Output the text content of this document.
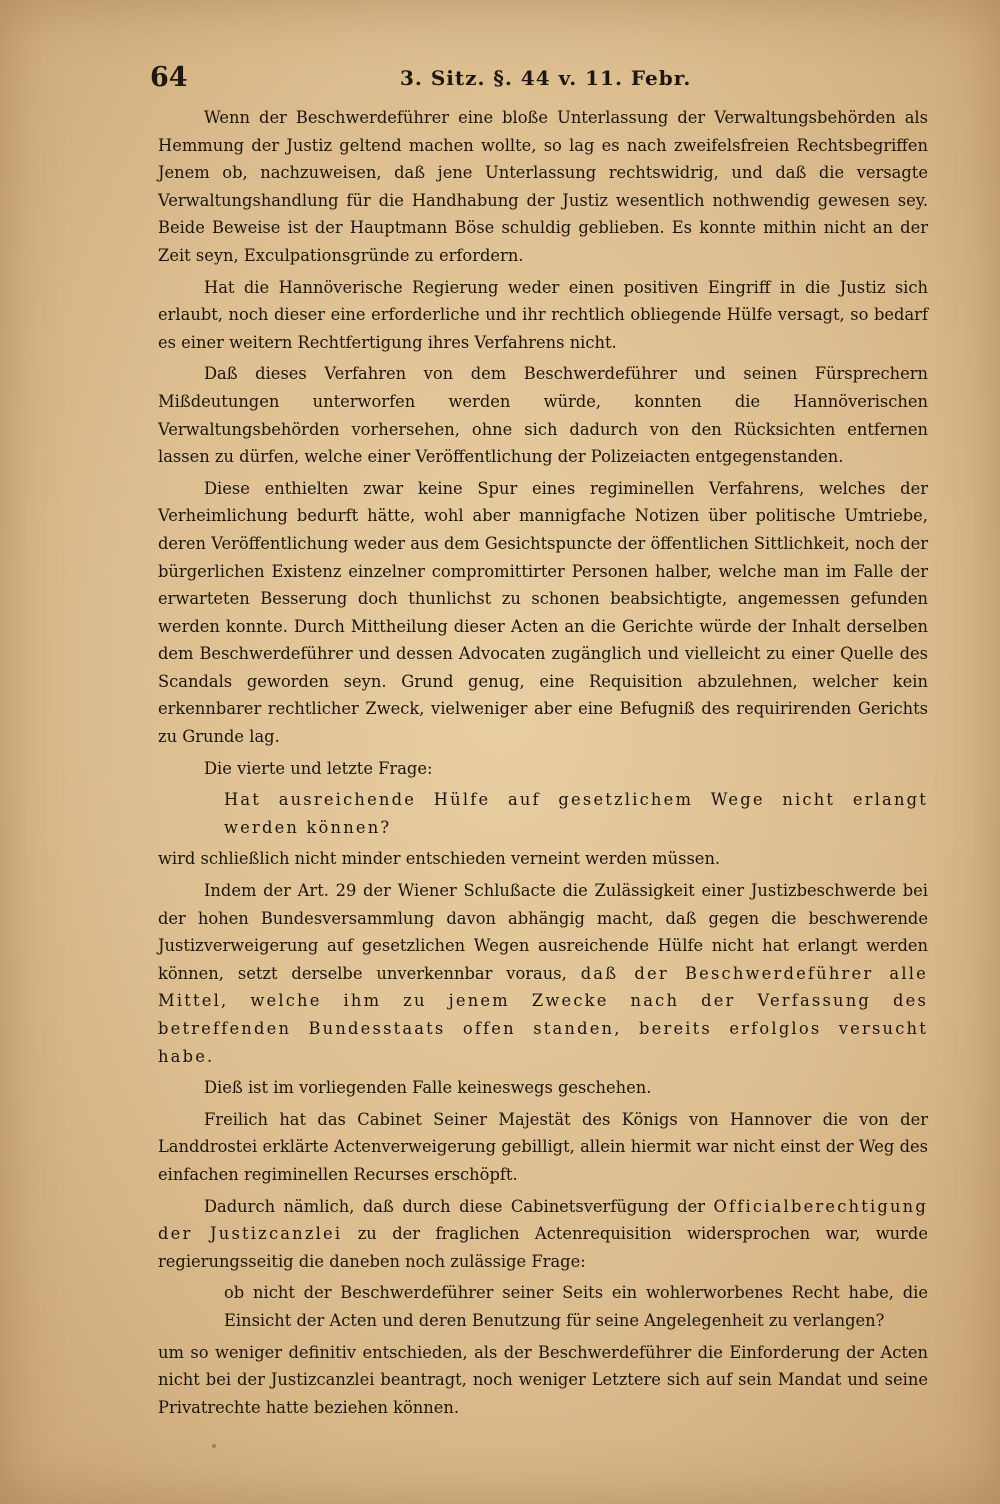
64	3. Sitz. §. 44 v. 11. Febr.

Wenn der Beschwerdeführer eine bloße Unterlassung der Verwaltungsbehörden als Hemmung der Justiz geltend machen wollte, so lag es nach zweifelsfreien Rechtsbegriffen Jenem ob, nachzuweisen, daß jene Unterlassung rechtswidrig, und daß die versagte Verwaltungshandlung für die Handhabung der Justiz wesentlich nothwendig gewesen sey. Beide Beweise ist der Hauptmann Böse schuldig geblieben. Es konnte mithin nicht an der Zeit seyn, Exculpationsgründe zu erfordern.

Hat die Hannöverische Regierung weder einen positiven Eingriff in die Justiz sich erlaubt, noch dieser eine erforderliche und ihr rechtlich obliegende Hülfe versagt, so bedarf es einer weitern Rechtfertigung ihres Verfahrens nicht.

Daß dieses Verfahren von dem Beschwerdeführer und seinen Fürsprechern Mißdeutungen unterworfen werden würde, konnten die Hannöverischen Verwaltungsbehörden vorhersehen, ohne sich dadurch von den Rücksichten entfernen lassen zu dürfen, welche einer Veröffentlichung der Polizeiacten entgegenstanden.

Diese enthielten zwar keine Spur eines regiminellen Verfahrens, welches der Verheimlichung bedurft hätte, wohl aber mannigfache Notizen über politische Umtriebe, deren Veröffentlichung weder aus dem Gesichtspuncte der öffentlichen Sittlichkeit, noch der bürgerlichen Existenz einzelner compromittirter Personen halber, welche man im Falle der erwarteten Besserung doch thunlichst zu schonen beabsichtigte, angemessen gefunden werden konnte. Durch Mittheilung dieser Acten an die Gerichte würde der Inhalt derselben dem Beschwerdeführer und dessen Advocaten zugänglich und vielleicht zu einer Quelle des Scandals geworden seyn. Grund genug, eine Requisition abzulehnen, welcher kein erkennbarer rechtlicher Zweck, vielweniger aber eine Befugniß des requirirenden Gerichts zu Grunde lag.

Die vierte und letzte Frage:

Hat ausreichende Hülfe auf gesetzlichem Wege nicht erlangt werden können?

wird schließlich nicht minder entschieden verneint werden müssen.

Indem der Art. 29 der Wiener Schlußacte die Zulässigkeit einer Justizbeschwerde bei der hohen Bundesversammlung davon abhängig macht, daß gegen die beschwerende Justizverweigerung auf gesetzlichen Wegen ausreichende Hülfe nicht hat erlangt werden können, setzt derselbe unverkennbar voraus, daß der Beschwerdeführer alle Mittel, welche ihm zu jenem Zwecke nach der Verfassung des betreffenden Bundesstaats offen standen, bereits erfolglos versucht habe.

Dieß ist im vorliegenden Falle keineswegs geschehen.

Freilich hat das Cabinet Seiner Majestät des Königs von Hannover die von der Landdrostei erklärte Actenverweigerung gebilligt, allein hiermit war nicht einst der Weg des einfachen regiminellen Recurses erschöpft.

Dadurch nämlich, daß durch diese Cabinetsverfügung der Officialberechtigung der Justizcanzlei zu der fraglichen Actenrequisition widersprochen war, wurde regierungsseitig die daneben noch zulässige Frage:

ob nicht der Beschwerdeführer seiner Seits ein wohlerworbenes Recht habe, die Einsicht der Acten und deren Benutzung für seine Angelegenheit zu verlangen?

um so weniger definitiv entschieden, als der Beschwerdeführer die Einforderung der Acten nicht bei der Justizcanzlei beantragt, noch weniger Letztere sich auf sein Mandat und seine Privatrechte hatte beziehen können.
